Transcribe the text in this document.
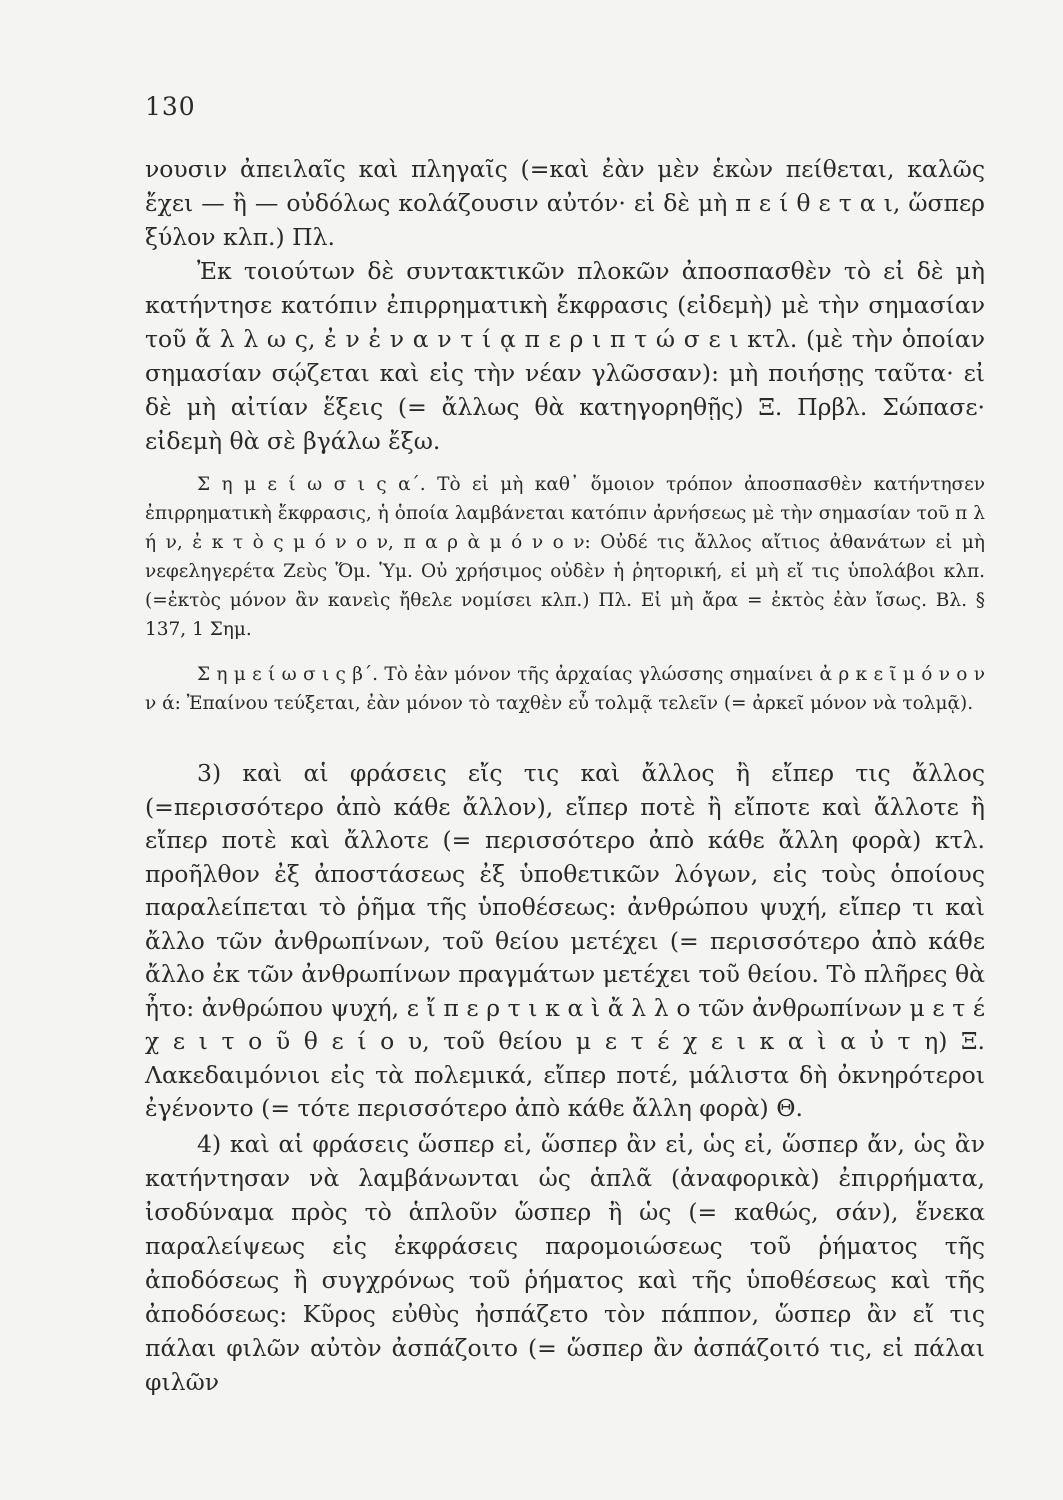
130

νουσιν ἀπειλαῖς καὶ πληγαῖς (=καὶ ἐὰν μὲν ἑκὼν πείθεται, καλῶς ἔχει — ἢ — οὐδόλως κολάζουσιν αὐτόν· εἰ δὲ μὴ π ε ί θ ε τ α ι, ὥσπερ ξύλον κλπ.) Πλ.

Ἐκ τοιούτων δὲ συντακτικῶν πλοκῶν ἀποσπασθὲν τὸ εἰ δὲ μὴ κατήντησε κατόπιν ἐπιρρηματικὴ ἔκφρασις (εἰδεμὴ) μὲ τὴν σημασίαν τοῦ ἄ λ λ ω ς, ἐ ν ἐ ν α ν τ ί ᾳ π ε ρ ι π τ ώ σ ε ι κτλ. (μὲ τὴν ὁποίαν σημασίαν σῴζεται καὶ εἰς τὴν νέαν γλῶσσαν): μὴ ποιήσῃς ταῦτα· εἰ δὲ μὴ αἰτίαν ἕξεις (= ἄλλως θὰ κατηγορηθῇς) Ξ. Πρβλ. Σώπασε· εἰδεμὴ θὰ σὲ βγάλω ἔξω.

Σ η μ ε ί ω σ ι ς α΄. Τὸ εἰ μὴ καθ᾽ ὅμοιον τρόπον ἀποσπασθὲν κατήντησεν ἐπιρρηματικὴ ἔκφρασις, ἡ ὁποία λαμβάνεται κατόπιν ἀρνήσεως μὲ τὴν σημασίαν τοῦ π λ ή ν, ἐ κ τ ὸ ς μ ό ν ο ν, π α ρ ὰ μ ό ν ο ν: Οὐδέ τις ἄλλος αἴτιος ἀθανάτων εἰ μὴ νεφεληγερέτα Ζεὺς Ὅμ. Ὑμ. Οὐ χρήσιμος οὐδὲν ἡ ῥητορική, εἰ μὴ εἴ τις ὑπολάβοι κλπ. (=ἐκτὸς μόνον ἂν κανεὶς ἤθελε νομίσει κλπ.) Πλ. Εἰ μὴ ἄρα = ἐκτὸς ἐὰν ἴσως. Βλ. § 137, 1 Σημ.

Σ η μ ε ί ω σ ι ς β΄. Τὸ ἐὰν μόνον τῆς ἀρχαίας γλώσσης σημαίνει ἀ ρ κ ε ῖ μ ό ν ο ν ν ά: Ἐπαίνου τεύξεται, ἐὰν μόνον τὸ ταχθὲν εὖ τολμᾷ τελεῖν (= ἀρκεῖ μόνον νὰ τολμᾷ).

3) καὶ αἱ φράσεις εἴς τις καὶ ἄλλος ἢ εἴπερ τις ἄλλος (=περισσότερο ἀπὸ κάθε ἄλλον), εἴπερ ποτὲ ἢ εἴποτε καὶ ἄλλοτε ἢ εἴπερ ποτὲ καὶ ἄλλοτε (= περισσότερο ἀπὸ κάθε ἄλλη φορὰ) κτλ. προῆλθον ἐξ ἀποστάσεως ἐξ ὑποθετικῶν λόγων, εἰς τοὺς ὁποίους παραλείπεται τὸ ῥῆμα τῆς ὑποθέσεως: ἀνθρώπου ψυχή, εἴπερ τι καὶ ἄλλο τῶν ἀνθρωπίνων, τοῦ θείου μετέχει (= περισσότερο ἀπὸ κάθε ἄλλο ἐκ τῶν ἀνθρωπίνων πραγμάτων μετέχει τοῦ θείου. Τὸ πλῆρες θὰ ἦτο: ἀνθρώπου ψυχή, ε ἴ π ε ρ τ ι κ α ὶ ἄ λ λ ο τῶν ἀνθρωπίνων μ ε τ έ χ ε ι τ ο ῦ θ ε ί ο υ, τοῦ θείου μ ε τ έ χ ε ι κ α ὶ α ὐ τ η) Ξ. Λακεδαιμόνιοι εἰς τὰ πολεμικά, εἴπερ ποτέ, μάλιστα δὴ ὀκνηρότεροι ἐγένοντο (= τότε περισσότερο ἀπὸ κάθε ἄλλη φορὰ) Θ.

4) καὶ αἱ φράσεις ὥσπερ εἰ, ὥσπερ ἂν εἰ, ὡς εἰ, ὥσπερ ἄν, ὡς ἂν κατήντησαν νὰ λαμβάνωνται ὡς ἁπλᾶ (ἀναφορικὰ) ἐπιρρήματα, ἰσοδύναμα πρὸς τὸ ἁπλοῦν ὥσπερ ἢ ὡς (= καθώς, σάν), ἕνεκα παραλείψεως εἰς ἐκφράσεις παρομοιώσεως τοῦ ῥήματος τῆς ἀποδόσεως ἢ συγχρόνως τοῦ ῥήματος καὶ τῆς ὑποθέσεως καὶ τῆς ἀποδόσεως: Κῦρος εὐθὺς ἠσπάζετο τὸν πάππον, ὥσπερ ἂν εἴ τις πάλαι φιλῶν αὐτὸν ἀσπάζοιτο (= ὥσπερ ἂν ἀσπάζοιτό τις, εἰ πάλαι φιλῶν
